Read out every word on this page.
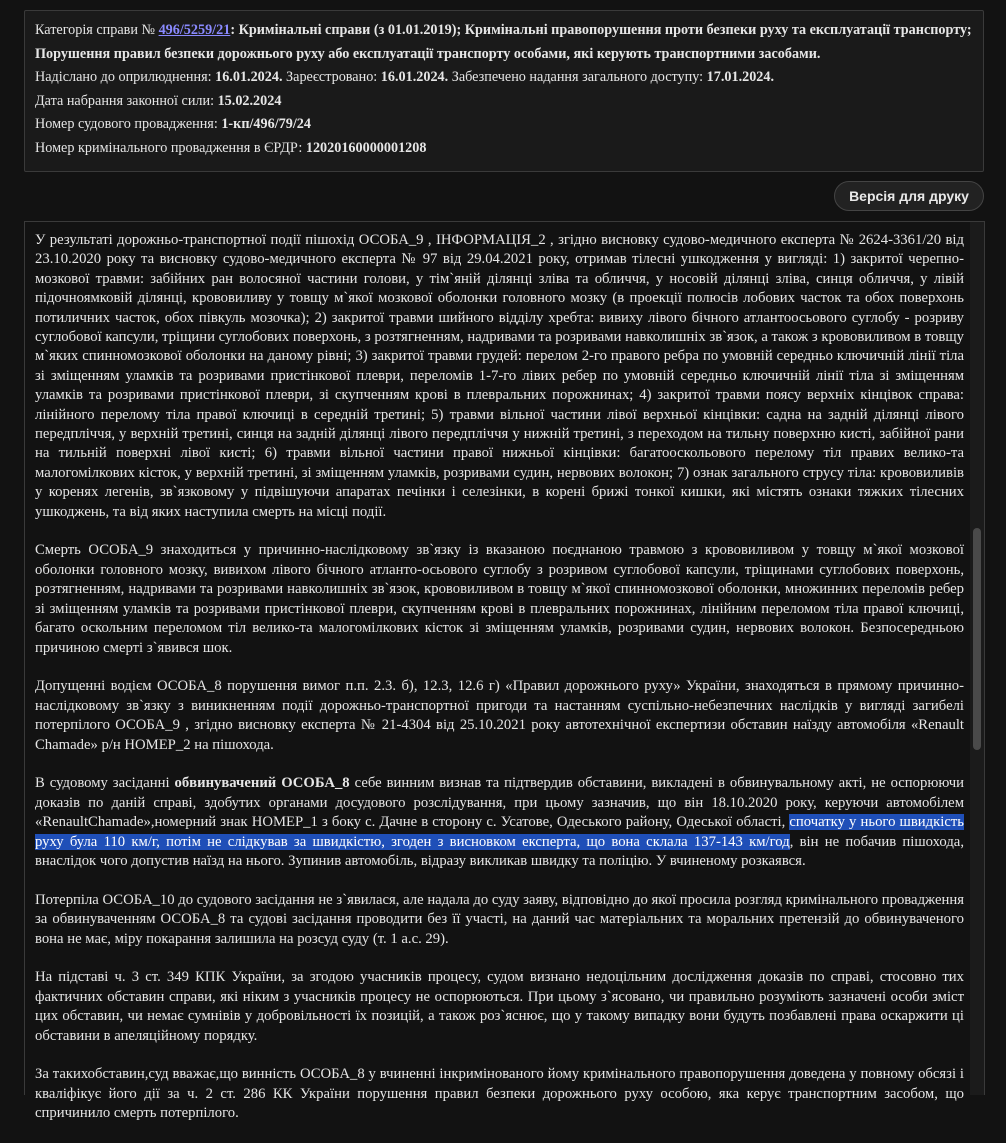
Категорія справи № 496/5259/21: Кримінальні справи (з 01.01.2019); Кримінальні правопорушення проти безпеки руху та експлуатації транспорту; Порушення правил безпеки дорожнього руху або експлуатації транспорту особами, які керують транспортними засобами.

Надіслано до оприлюднення: 16.01.2024. Зареєстровано: 16.01.2024. Забезпечено надання загального доступу: 17.01.2024.

Дата набрання законної сили: 15.02.2024

Номер судового провадження: 1-кп/496/79/24

Номер кримінального провадження в ЄРДР: 12020160000001208

Версія для друку

У результаті дорожньо-транспортної події пішохід ОСОБА_9 , ІНФОРМАЦІЯ_2 , згідно висновку судово-медичного експерта № 2624-3361/20 від 23.10.2020 року та висновку судово-медичного експерта № 97 від 29.04.2021 року, отримав тілесні ушкодження у вигляді: 1) закритої черепно-мозкової травми: забійних ран волосяної частини голови, у тім`яній ділянці зліва та обличчя, у носовій ділянці зліва, синця обличчя, у лівій підочноямковій ділянці, крововиливу у товщу м`якої мозкової оболонки головного мозку (в проекції полюсів лобових часток та обох поверхонь потиличних часток, обох півкуль мозочка); 2) закритої травми шийного відділу хребта: вивиху лівого бічного атлантоосьового суглобу - розриву суглобової капсули, тріщини суглобових поверхонь, з розтягненням, надривами та розривами навколишніх зв`язок, а також з крововиливом в товщу м`яких спинномозкової оболонки на даному рівні; 3) закритої травми грудей: перелом 2-го правого ребра по умовній середньо ключичній лінії тіла зі зміщенням уламків та розривами пристінкової плеври, переломів 1-7-го лівих ребер по умовній середньо ключичній лінії тіла зі зміщенням уламків та розривами пристінкової плеври, зі скупченням крові в плевральних порожнинах; 4) закритої травми поясу верхніх кінцівок справа: лінійного перелому тіла правої ключиці в середній третині; 5) травми вільної частини лівої верхньої кінцівки: садна на задній ділянці лівого передпліччя, у верхній третині, синця на задній ділянці лівого передпліччя у нижній третині, з переходом на тильну поверхню кисті, забійної рани на тильній поверхні лівої кисті; 6) травми вільної частини правої нижньої кінцівки: багатооскольового перелому тіл правих велико-та малогомілкових кісток, у верхній третині, зі зміщенням уламків, розривами судин, нервових волокон; 7) ознак загального струсу тіла: крововиливів у коренях легенів, зв`язковому у підвішуючи апаратах печінки і селезінки, в корені брижі тонкої кишки, які містять ознаки тяжких тілесних ушкоджень, та від яких наступила смерть на місці події.

Смерть ОСОБА_9 знаходиться у причинно-наслідковому зв`язку із вказаною поєднаною травмою з крововиливом у товщу м`якої мозкової оболонки головного мозку, вивихом лівого бічного атланто-осьового суглобу з розривом суглобової капсули, тріщинами суглобових поверхонь, розтягненням, надривами та розривами навколишніх зв`язок, крововиливом в товщу м`якої спинномозкової оболонки, множинних переломів ребер зі зміщенням уламків та розривами пристінкової плеври, скупченням крові в плевральних порожнинах, лінійним переломом тіла правої ключиці, багато оскольним переломом тіл велико-та малогомілкових кісток зі зміщенням уламків, розривами судин, нервових волокон. Безпосередньою причиною смерті з`явився шок.

Допущенні водієм ОСОБА_8 порушення вимог п.п. 2.3. б), 12.3, 12.6 г) «Правил дорожнього руху» України, знаходяться в прямому причинно-наслідковому зв`язку з виникненням події дорожньо-транспортної пригоди та настанням суспільно-небезпечних наслідків у вигляді загибелі потерпілого ОСОБА_9 , згідно висновку експерта № 21-4304 від 25.10.2021 року автотехнічної експертизи обставин наїзду автомобіля «Renault Chamade» р/н НОМЕР_2 на пішохода.

В судовому засіданні обвинувачений ОСОБА_8 себе винним визнав та підтвердив обставини, викладені в обвинувальному акті, не оспорюючи доказів по даній справі, здобутих органами досудового розслідування, при цьому зазначив, що він 18.10.2020 року, керуючи автомобілем «RenaultChamade»,номерний знак НОМЕР_1 з боку с. Дачне в сторону с. Усатове, Одеського району, Одеської області, спочатку у нього швидкість руху була 110 км/г, потім не слідкував за швидкістю, згоден з висновком експерта, що вона склала 137-143 км/год, він не побачив пішохода, внаслідок чого допустив наїзд на нього. Зупинив автомобіль, відразу викликав швидку та поліцію. У вчиненому розкаявся.

Потерпіла ОСОБА_10 до судового засідання не з`явилася, але надала до суду заяву, відповідно до якої просила розгляд кримінального провадження за обвинуваченням ОСОБА_8 та судові засідання проводити без її участі, на даний час матеріальних та моральних претензій до обвинуваченого вона не має, міру покарання залишила на розсуд суду (т. 1 а.с. 29).

На підставі ч. 3 ст. 349 КПК України, за згодою учасників процесу, судом визнано недоцільним дослідження доказів по справі, стосовно тих фактичних обставин справи, які ніким з учасників процесу не оспорюються. При цьому з`ясовано, чи правильно розуміють зазначені особи зміст цих обставин, чи немає сумнівів у добровільності їх позицій, а також роз`яснює, що у такому випадку вони будуть позбавлені права оскаржити ці обставини в апеляційному порядку.

За такихобставин,суд вважає,що винність ОСОБА_8 у вчиненні інкримінованого йому кримінального правопорушення доведена у повному обсязі і кваліфікує його дії за ч. 2 ст. 286 КК України порушення правил безпеки дорожнього руху особою, яка керує транспортним засобом, що спричинило смерть потерпілого.
